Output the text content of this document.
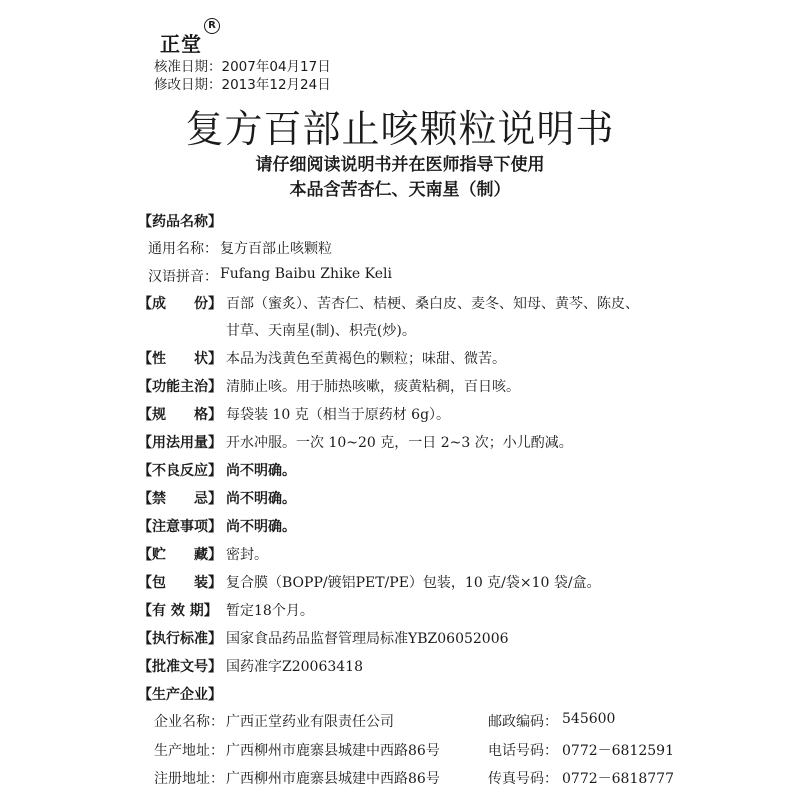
正堂
R
核准日期：2007年04月17日
修改日期：2013年12月24日
复方百部止咳颗粒说明书
请仔细阅读说明书并在医师指导下使用
本品含苦杏仁、天南星（制）
【药品名称】
通用名称： 复方百部止咳颗粒
汉语拼音： Fufang Baibu Zhike Keli
【成　　份】 百部（蜜炙）、苦杏仁、桔梗、桑白皮、麦冬、知母、黄芩、陈皮、
甘草、天南星(制)、枳壳(炒)。
【性　　状】 本品为浅黄色至黄褐色的颗粒；味甜、微苦。
【功能主治】 清肺止咳。用于肺热咳嗽，痰黄粘稠，百日咳。
【规　　格】 每袋装 10 克（相当于原药材 6g）。
【用法用量】 开水冲服。一次 10~20 克，一日 2~3 次；小儿酌减。
【不良反应】 尚不明确。
【禁　　忌】 尚不明确。
【注意事项】 尚不明确。
【贮　　藏】 密封。
【包　　装】 复合膜（BOPP/镀铝PET/PE）包装，10 克/袋×10 袋/盒。
【有 效 期】 暂定18个月。
【执行标准】 国家食品药品监督管理局标准YBZ06052006
【批准文号】 国药准字Z20063418
【生产企业】
企业名称： 广西正堂药业有限责任公司	邮政编码： 545600
生产地址： 广西柳州市鹿寨县城建中西路86号	电话号码： 0772－6812591
注册地址： 广西柳州市鹿寨县城建中西路86号	传真号码： 0772－6818777
